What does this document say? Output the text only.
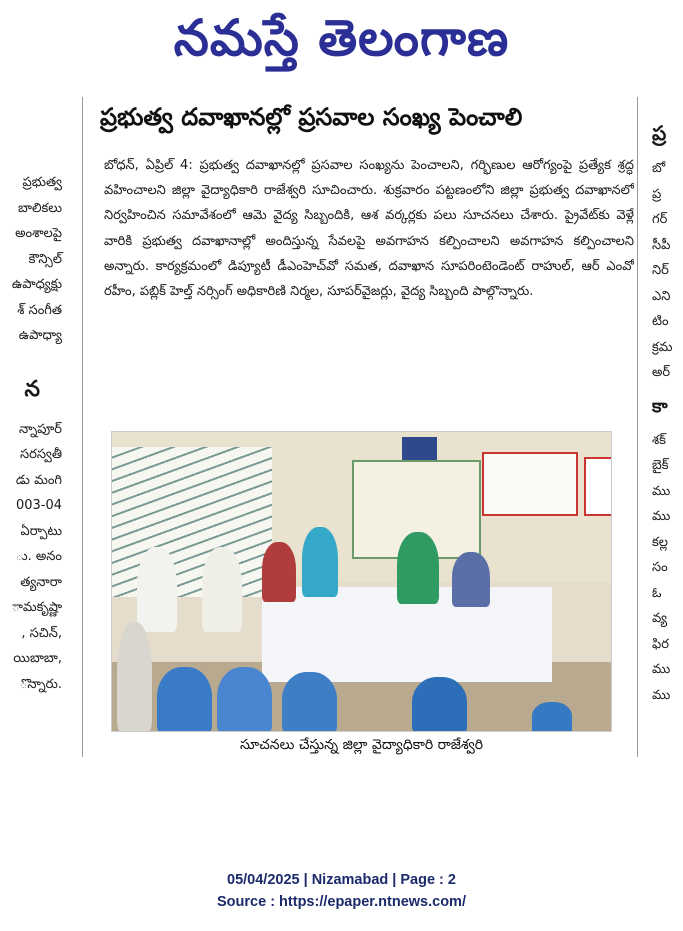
నమస్తే తెలంగాణ
ప్రభుత్వ
బాలికలు
అంశాలపై
కౌన్సిల్
ఉపాధ్యక్షు
శ్ సంగీత
ఉపాధ్యా
న
న్నాపూర్
సరస్వతీ
డు మంగి
003-04
ఏర్పాటు
ు. అనం
త్యనారా
ామకృష్ణా
, సచిన్,
యిబాబా,
ొన్నారు.
ప్రభుత్వ దవాఖానల్లో ప్రసవాల సంఖ్య పెంచాలి
బోధన్, ఏప్రిల్ 4: ప్రభుత్వ దవాఖానల్లో ప్రసవాల సంఖ్యను పెంచాలని, గర్భిణుల ఆరోగ్యంపై ప్రత్యేక శ్రద్ధ వహించాలని జిల్లా వైద్యాధికారి రాజేశ్వరి సూచించారు. శుక్రవారం పట్టణంలోని జిల్లా ప్రభుత్వ దవాఖానలో నిర్వహించిన సమావేశంలో ఆమె వైద్య సిబ్బందికి, ఆశ వర్కర్లకు పలు సూచనలు చేశారు. ప్రైవేట్‌కు వెళ్లే వారికి ప్రభుత్వ దవాఖానాల్లో అందిస్తున్న సేవలపై అవగాహన కల్పించాలని అవగాహన కల్పించాలని అన్నారు. కార్యక్రమంలో డిప్యూటీ డీఎంహెచ్‌వో సమత, దవాఖాన సూపరింటెండెంట్ రాహుల్, ఆర్ ఎంవో రహీం, పబ్లిక్ హెల్త్ నర్సింగ్ అధికారిణి నిర్మల, సూపర్‌వైజర్లు, వైద్య సిబ్బంది పాల్గొన్నారు.
సూచనలు చేస్తున్న జిల్లా వైద్యాధికారి రాజేశ్వరి
ప్ర
బో
ప్ర
గర్
సీపీ
నిర్
ఎని
టిం
క్రమ
అర్
కా
శక్
బైక్
ము
ము
కల్ల
సం
ఓ
వ్య
ఫిర
ము
ము
05/04/2025 | Nizamabad | Page : 2
Source : https://epaper.ntnews.com/
